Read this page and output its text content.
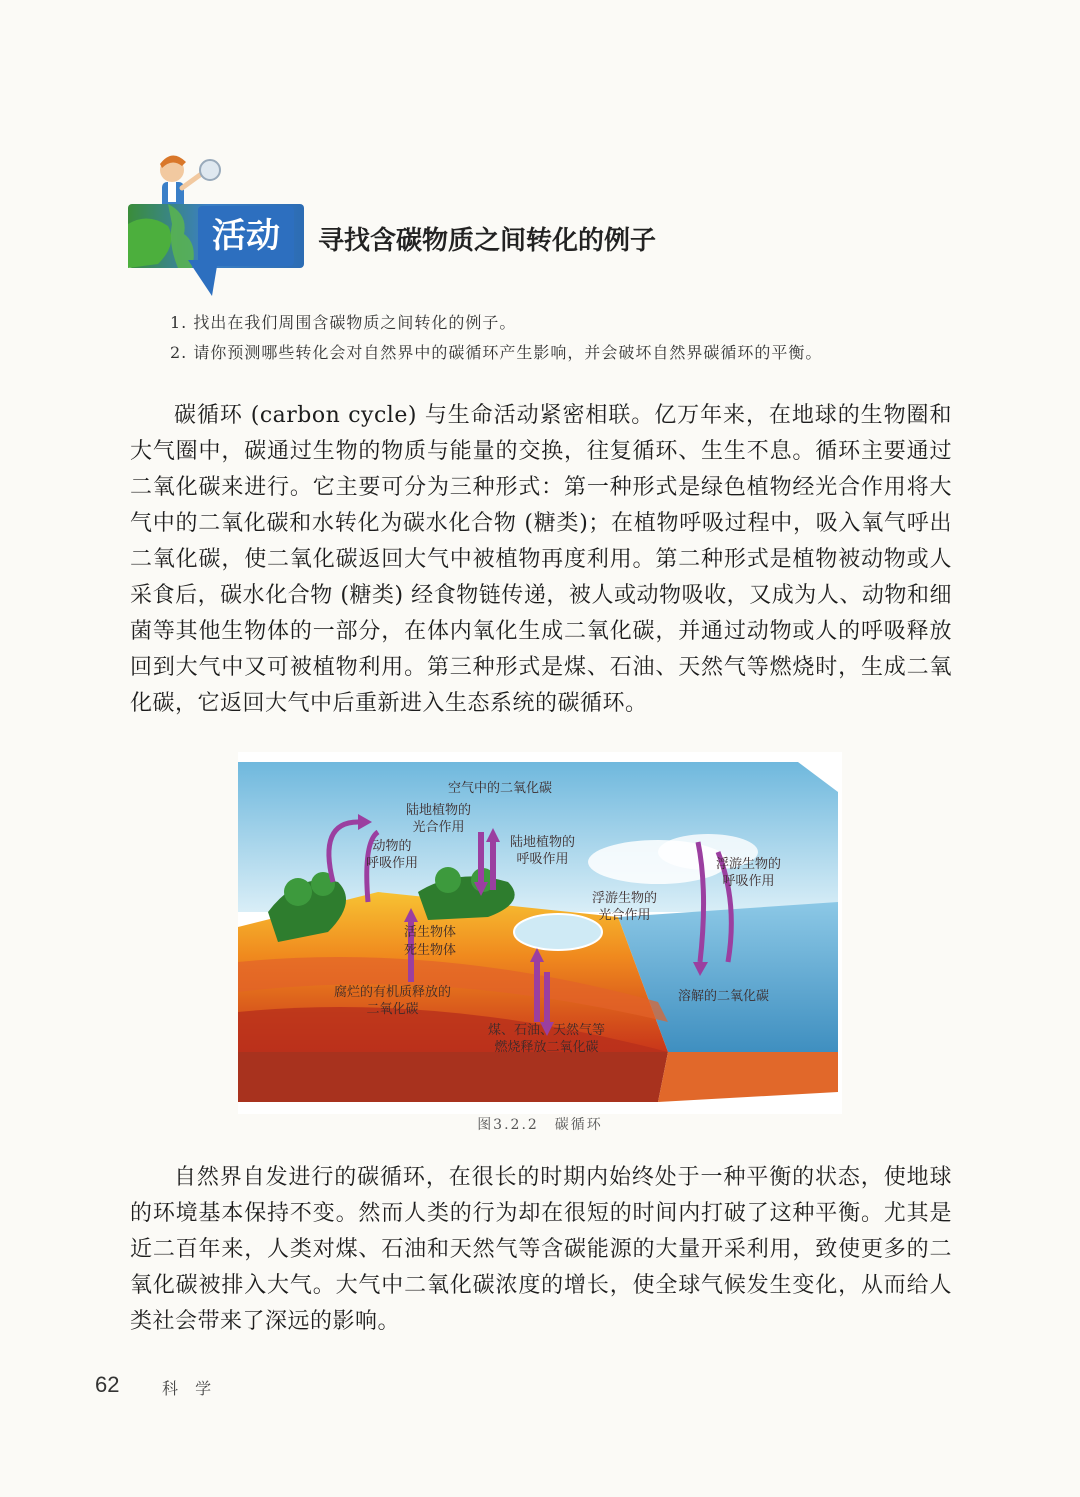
活动	寻找含碳物质之间转化的例子
1. 找出在我们周围含碳物质之间转化的例子。
2. 请你预测哪些转化会对自然界中的碳循环产生影响，并会破坏自然界碳循环的平衡。
碳循环 (carbon cycle) 与生命活动紧密相联。亿万年来，在地球的生物圈和大气圈中，碳通过生物的物质与能量的交换，往复循环、生生不息。循环主要通过二氧化碳来进行。它主要可分为三种形式：第一种形式是绿色植物经光合作用将大气中的二氧化碳和水转化为碳水化合物 (糖类)；在植物呼吸过程中，吸入氧气呼出二氧化碳，使二氧化碳返回大气中被植物再度利用。第二种形式是植物被动物或人采食后，碳水化合物 (糖类) 经食物链传递，被人或动物吸收，又成为人、动物和细菌等其他生物体的一部分，在体内氧化生成二氧化碳，并通过动物或人的呼吸释放回到大气中又可被植物利用。第三种形式是煤、石油、天然气等燃烧时，生成二氧化碳，它返回大气中后重新进入生态系统的碳循环。
空气中的二氧化碳
陆地植物的
光合作用
动物的
呼吸作用
陆地植物的
呼吸作用	浮游生物的
呼吸作用
浮游生物的
光合作用
活生物体
死生物体
腐烂的有机质释放的
二氧化碳
溶解的二氧化碳
煤、石油、天然气等
燃烧释放二氧化碳
图3.2.2　碳循环
自然界自发进行的碳循环，在很长的时期内始终处于一种平衡的状态，使地球的环境基本保持不变。然而人类的行为却在很短的时间内打破了这种平衡。尤其是近二百年来，人类对煤、石油和天然气等含碳能源的大量开采利用，致使更多的二氧化碳被排入大气。大气中二氧化碳浓度的增长，使全球气候发生变化，从而给人类社会带来了深远的影响。
62	科 学
